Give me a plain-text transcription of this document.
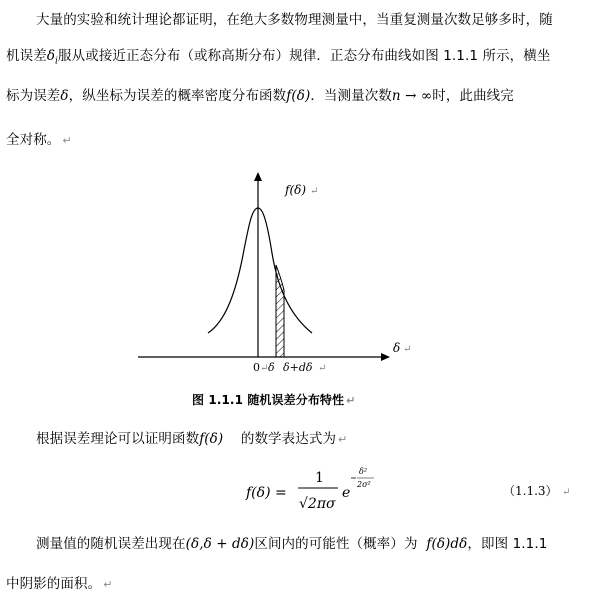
大量的实验和统计理论都证明，在绝大多数物理测量中，当重复测量次数足够多时，随
机误差$\delta_i$服从或接近正态分布（或称高斯分布）规律．正态分布曲线如图 1.1.1 所示，横坐
标为误差δ，纵坐标为误差的概率密度分布函数f(δ)．当测量次数n → ∞时，此曲线完
全对称。 ↵
f(δ) ↵
δ ↵
0 ↵ δ δ+dδ ↵
图 1.1.1 随机误差分布特性 ↵
根据误差理论可以证明函数f(δ) 的数学表达式为 ↵
f(δ) =
1
√2πσ
e
δ²
2σ²	（1.1.3） ↵
测量值的随机误差出现在(δ,δ + dδ)区间内的可能性（概率）为 f(δ)dδ，即图 1.1.1
中阴影的面积。 ↵
